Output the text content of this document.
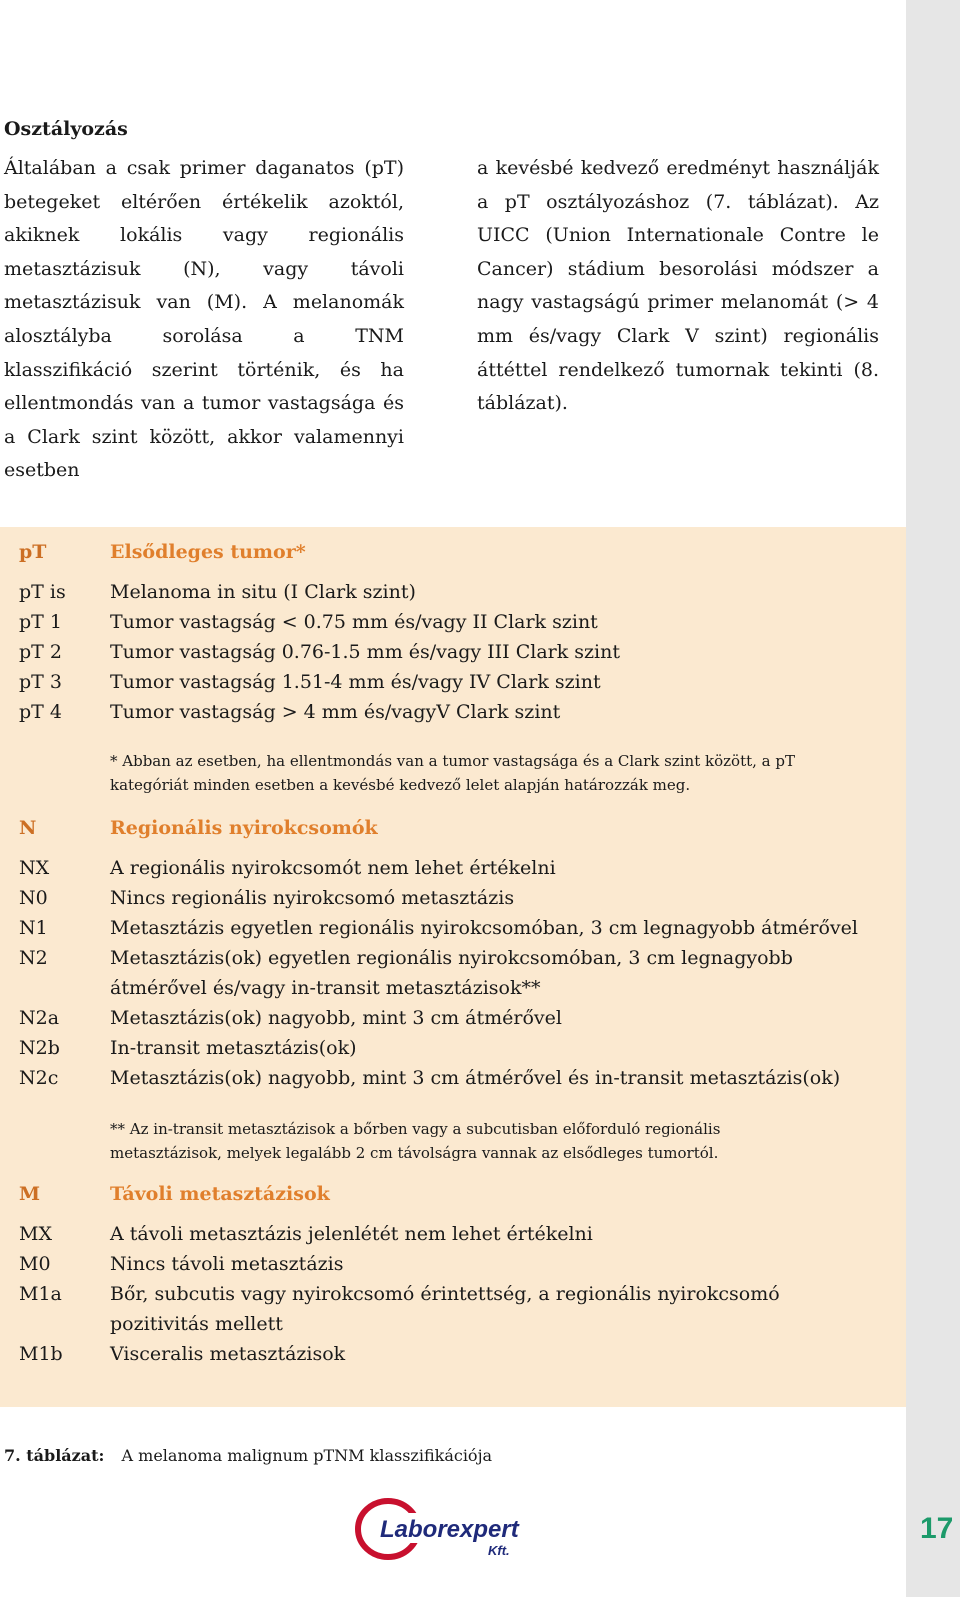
Osztályozás

Általában a csak primer daganatos (pT) betegeket eltérően értékelik azoktól, akiknek lokális vagy regionális metasztázisuk (N), vagy távoli metasztázisuk van (M). A melanomák alosztályba sorolása a TNM klasszifikáció szerint történik, és ha ellentmondás van a tumor vastagsága és a Clark szint között, akkor valamennyi esetben

a kevésbé kedvező eredményt használják a pT osztályozáshoz (7. táblázat). Az UICC (Union Internationale Contre le Cancer) stádium besorolási módszer a nagy vastagságú primer melanomát (> 4 mm és/vagy Clark V szint) regionális áttéttel rendelkező tumornak tekinti (8. táblázat).

pT	Elsődleges tumor*
pT is Melanoma in situ (I Clark szint)
pT 1	Tumor vastagság < 0.75 mm és/vagy II Clark szint
pT 2	Tumor vastagság 0.76-1.5 mm és/vagy III Clark szint
pT 3	Tumor vastagság 1.51-4 mm és/vagy IV Clark szint
pT 4	Tumor vastagság > 4 mm és/vagyV Clark szint

* Abban az esetben, ha ellentmondás van a tumor vastagsága és a Clark szint között, a pT
kategóriát minden esetben a kevésbé kedvező lelet alapján határozzák meg.

N	Regionális nyirokcsomók
NX	A regionális nyirokcsomót nem lehet értékelni
N0	Nincs regionális nyirokcsomó metasztázis
N1	Metasztázis egyetlen regionális nyirokcsomóban, 3 cm legnagyobb átmérővel
N2	Metasztázis(ok) egyetlen regionális nyirokcsomóban, 3 cm legnagyobb
átmérővel és/vagy in-transit metasztázisok**
N2a	Metasztázis(ok) nagyobb, mint 3 cm átmérővel
N2b	In-transit metasztázis(ok)
N2c	Metasztázis(ok) nagyobb, mint 3 cm átmérővel és in-transit metasztázis(ok)

** Az in-transit metasztázisok a bőrben vagy a subcutisban előforduló regionális
metasztázisok, melyek legalább 2 cm távolságra vannak az elsődleges tumortól.

M	Távoli metasztázisok
MX	A távoli metasztázis jelenlétét nem lehet értékelni
M0	Nincs távoli metasztázis
M1a	Bőr, subcutis vagy nyirokcsomó érintettség, a regionális nyirokcsomó
pozitivitás mellett
M1b Visceralis metasztázisok

7. táblázat: A melanoma malignum pTNM klasszifikációja

Laborexpert
Kft.
17
